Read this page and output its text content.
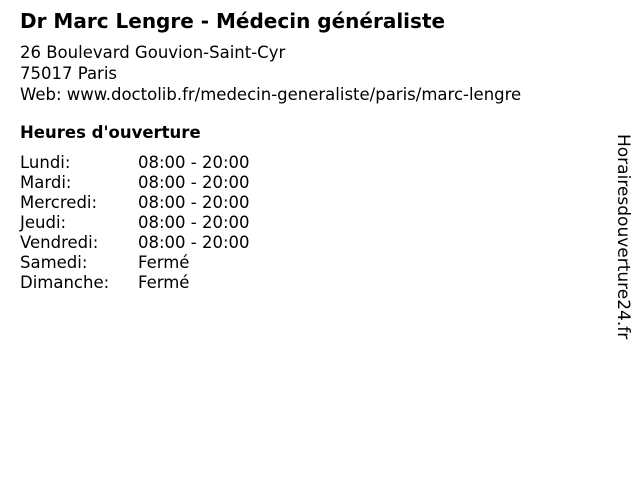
Dr Marc Lengre - Médecin généraliste
26 Boulevard Gouvion-Saint-Cyr
75017 Paris
Web: www.doctolib.fr/medecin-generaliste/paris/marc-lengre
Heures d'ouverture
Lundi:	08:00 - 20:00
Mardi:	08:00 - 20:00
Mercredi:	08:00 - 20:00
Jeudi:	08:00 - 20:00
Vendredi:	08:00 - 20:00
Samedi:	Fermé
Dimanche:	Fermé	Horairesdouverture24.fr
